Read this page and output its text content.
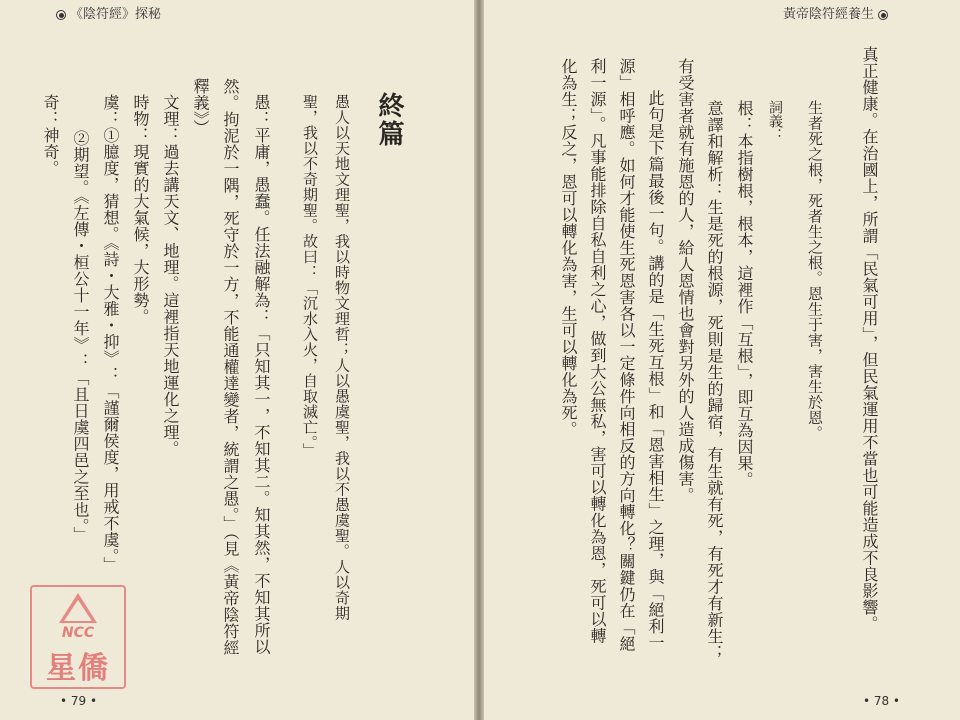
《陰符經》探秘
終篇
愚人以天地文理聖，我以時物文理哲；人以愚虞聖，我以不愚虞聖。人以奇期
聖，我以不奇期聖。故曰：「沉水入火，自取滅亡。」
愚：平庸，愚蠢。任法融解為：「只知其一，不知其二。知其然，不知其所以
然。拘泥於一隅，死守於一方，不能通權達變者，統謂之愚。」（見《黃帝陰符經
釋義》）
文理：過去講天文、地理。這裡指天地運化之理。
時物：現實的大氣候，大形勢。
虞：①臆度，猜想。《詩・大雅・抑》：「謹爾侯度，用戒不虞。」
②期望。《左傳・桓公十一年》：「且日虞四邑之至也。」
奇：神奇。
NCC
星僑
• 79 •
黃帝陰符經養生
真正健康。在治國上，所謂「民氣可用」，但民氣運用不當也可能造成不良影響。
生者死之根，死者生之根。恩生于害，害生於恩。
詞義：
根：本指樹根，根本，這裡作「互根」，即互為因果。
意譯和解析：生是死的根源，死則是生的歸宿，有生就有死，有死才有新生；
有受害者就有施恩的人，給人恩情也會對另外的人造成傷害。
此句是下篇最後一句。講的是「生死互根」和「恩害相生」之理，與「絕利一
源」相呼應。如何才能使生死恩害各以一定條件向相反的方向轉化？關鍵仍在「絕
利一源」。凡事能排除自私自利之心，做到大公無私，害可以轉化為恩，死可以轉
化為生；反之，恩可以轉化為害，生可以轉化為死。
• 78 •
